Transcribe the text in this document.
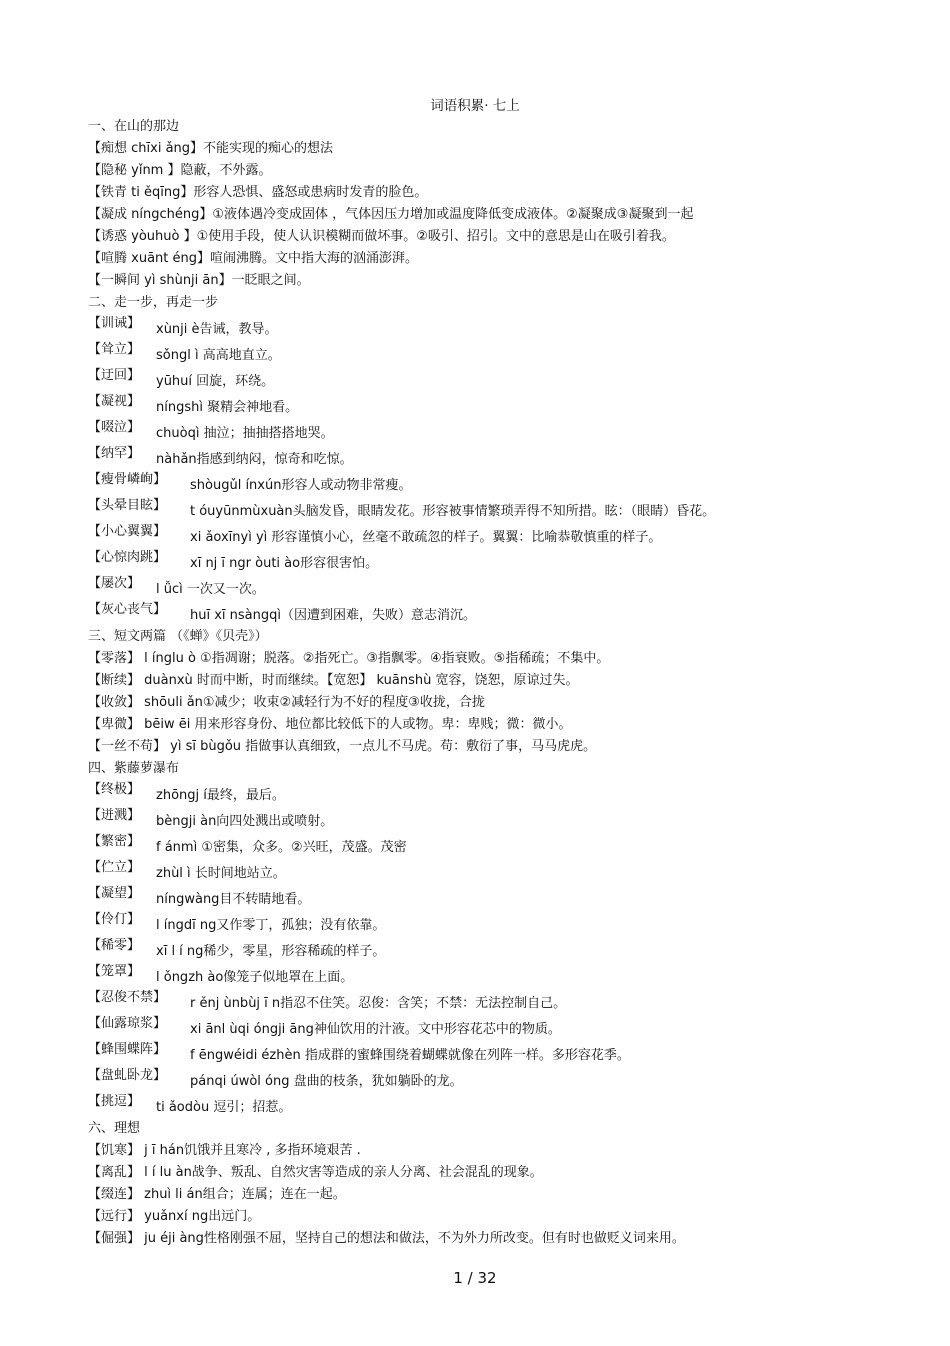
词语积累· 七上
一、在山的那边
【痴想 chīxi ǎng】不能实现的痴心的想法
【隐秘 yǐnm 】隐蔽，不外露。
【铁青 ti ěqīng】形容人恐惧、盛怒或患病时发青的脸色。
【凝成 níngchéng】①液体遇冷变成固体 ，气体因压力增加或温度降低变成液体。②凝聚成③凝聚到一起
【诱惑 yòuhuò 】①使用手段，使人认识模糊而做坏事。②吸引、招引。文中的意思是山在吸引着我。
【喧腾 xuānt éng】喧闹沸腾。文中指大海的汹涌澎湃。
【一瞬间 yì shùnji ān】一眨眼之间。
二、走一步，再走一步
【训诫】	xùnji è告诫，教导。
【耸立】	sǒngl ì 高高地直立。
【迂回】	yūhuí 回旋，环绕。
【凝视】	níngshì 聚精会神地看。
【啜泣】	chuòqì 抽泣；抽抽搭搭地哭。
【纳罕】	nàhǎn指感到纳闷，惊奇和吃惊。
【瘦骨嶙峋】	shòugǔl ínxún形容人或动物非常瘦。
【头晕目眩】	t óuyūnmùxuàn头脑发昏，眼睛发花。形容被事情繁琐弄得不知所措。眩：（眼睛）昏花。
【小心翼翼】	xi ǎoxīnyì yì 形容谨慎小心，丝毫不敢疏忽的样子。翼翼：比喻恭敬慎重的样子。
【心惊肉跳】	xī nj ī ngr òuti ào形容很害怕。
【屡次】	l ǚcì 一次又一次。
【灰心丧气】	huī xī nsàngqì（因遭到困难，失败）意志消沉。
三、短文两篇 （《蝉》《贝壳》）
【零落】 l ínglu ò ①指凋谢；脱落。②指死亡。③指飘零。④指衰败。⑤指稀疏；不集中。
【断续】 duànxù 时而中断，时而继续。【宽恕】 kuānshù 宽容，饶恕，原谅过失。
【收敛】 shōuli ǎn①减少；收束②减轻行为不好的程度③收拢，合拢
【卑微】 bēiw ēi 用来形容身份、地位都比较低下的人或物。卑：卑贱；微：微小。
【一丝不苟】 yì sī bùgǒu 指做事认真细致，一点儿不马虎。苟：敷衍了事，马马虎虎。
四、紫藤萝瀑布
【终极】	zhōngj í最终，最后。
【迸溅】	bèngji àn向四处溅出或喷射。
【繁密】	f ánmì ①密集，众多。②兴旺，茂盛。茂密
【伫立】	zhùl ì 长时间地站立。
【凝望】	níngwàng目不转睛地看。
【伶仃】	l íngdī ng又作零丁，孤独；没有依靠。
【稀零】	xī l í ng稀少，零星，形容稀疏的样子。
【笼罩】	l ǒngzh ào像笼子似地罩在上面。
【忍俊不禁】	r ěnj ùnbùj ī n指忍不住笑。忍俊：含笑；不禁：无法控制自己。
【仙露琼浆】	xi ānl ùqi óngji āng神仙饮用的汁液。文中形容花芯中的物质。
【蜂围蝶阵】	f ēngwéidi ézhèn 指成群的蜜蜂围绕着蝴蝶就像在列阵一样。多形容花季。
【盘虬卧龙】	pánqi úwòl óng 盘曲的枝条，犹如躺卧的龙。
【挑逗】	ti ǎodòu 逗引；招惹。
六、理想
【饥寒】 j ī hán饥饿并且寒冷 , 多指环境艰苦 .
【离乱】 l í lu àn战争、叛乱、自然灾害等造成的亲人分离、社会混乱的现象。
【缀连】 zhuì li án组合；连属；连在一起。
【远行】 yuǎnxí ng出远门。
【倔强】 ju éji àng性格刚强不屈，坚持自己的想法和做法，不为外力所改变。但有时也做贬义词来用。
1 / 32
